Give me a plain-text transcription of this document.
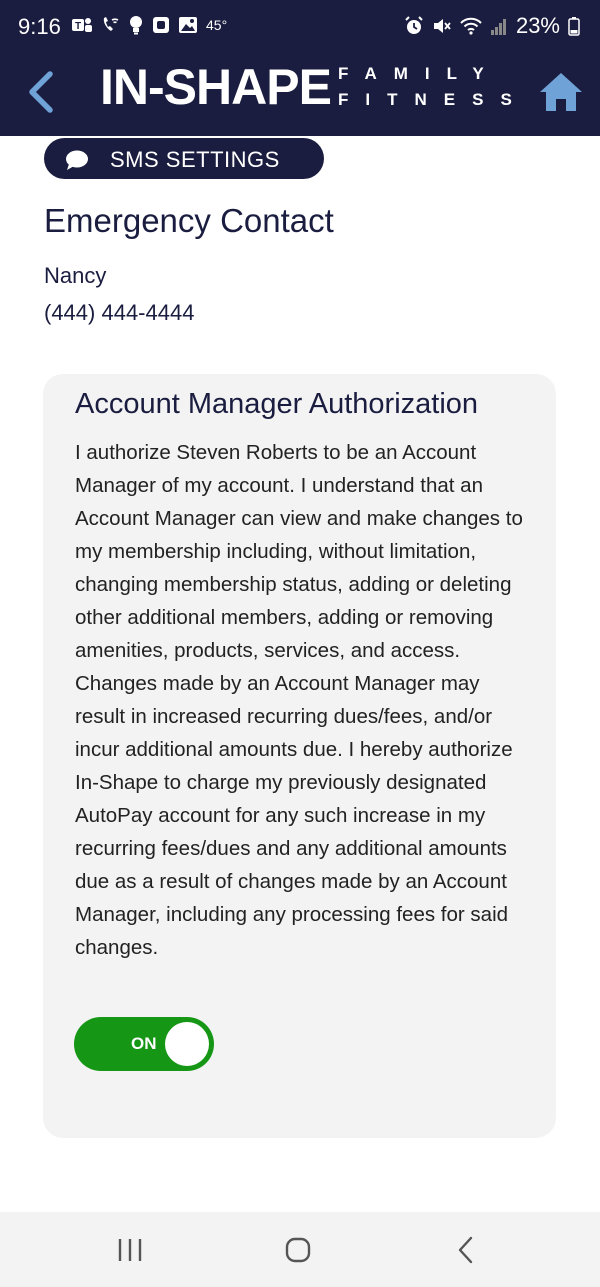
9:16 T	45°	23%
IN-SHAPE FAMILY
FITNESS
SMS SETTINGS
Emergency Contact
Nancy
(444) 444-4444
Account Manager Authorization
I authorize Steven Roberts to be an Account Manager of my account. I understand that an Account Manager can view and make changes to my membership including, without limitation, changing membership status, adding or deleting other additional members, adding or removing amenities, products, services, and access. Changes made by an Account Manager may result in increased recurring dues/fees, and/or incur additional amounts due. I hereby authorize In-Shape to charge my previously designated AutoPay account for any such increase in my recurring fees/dues and any additional amounts due as a result of changes made by an Account Manager, including any processing fees for said changes.
ON
